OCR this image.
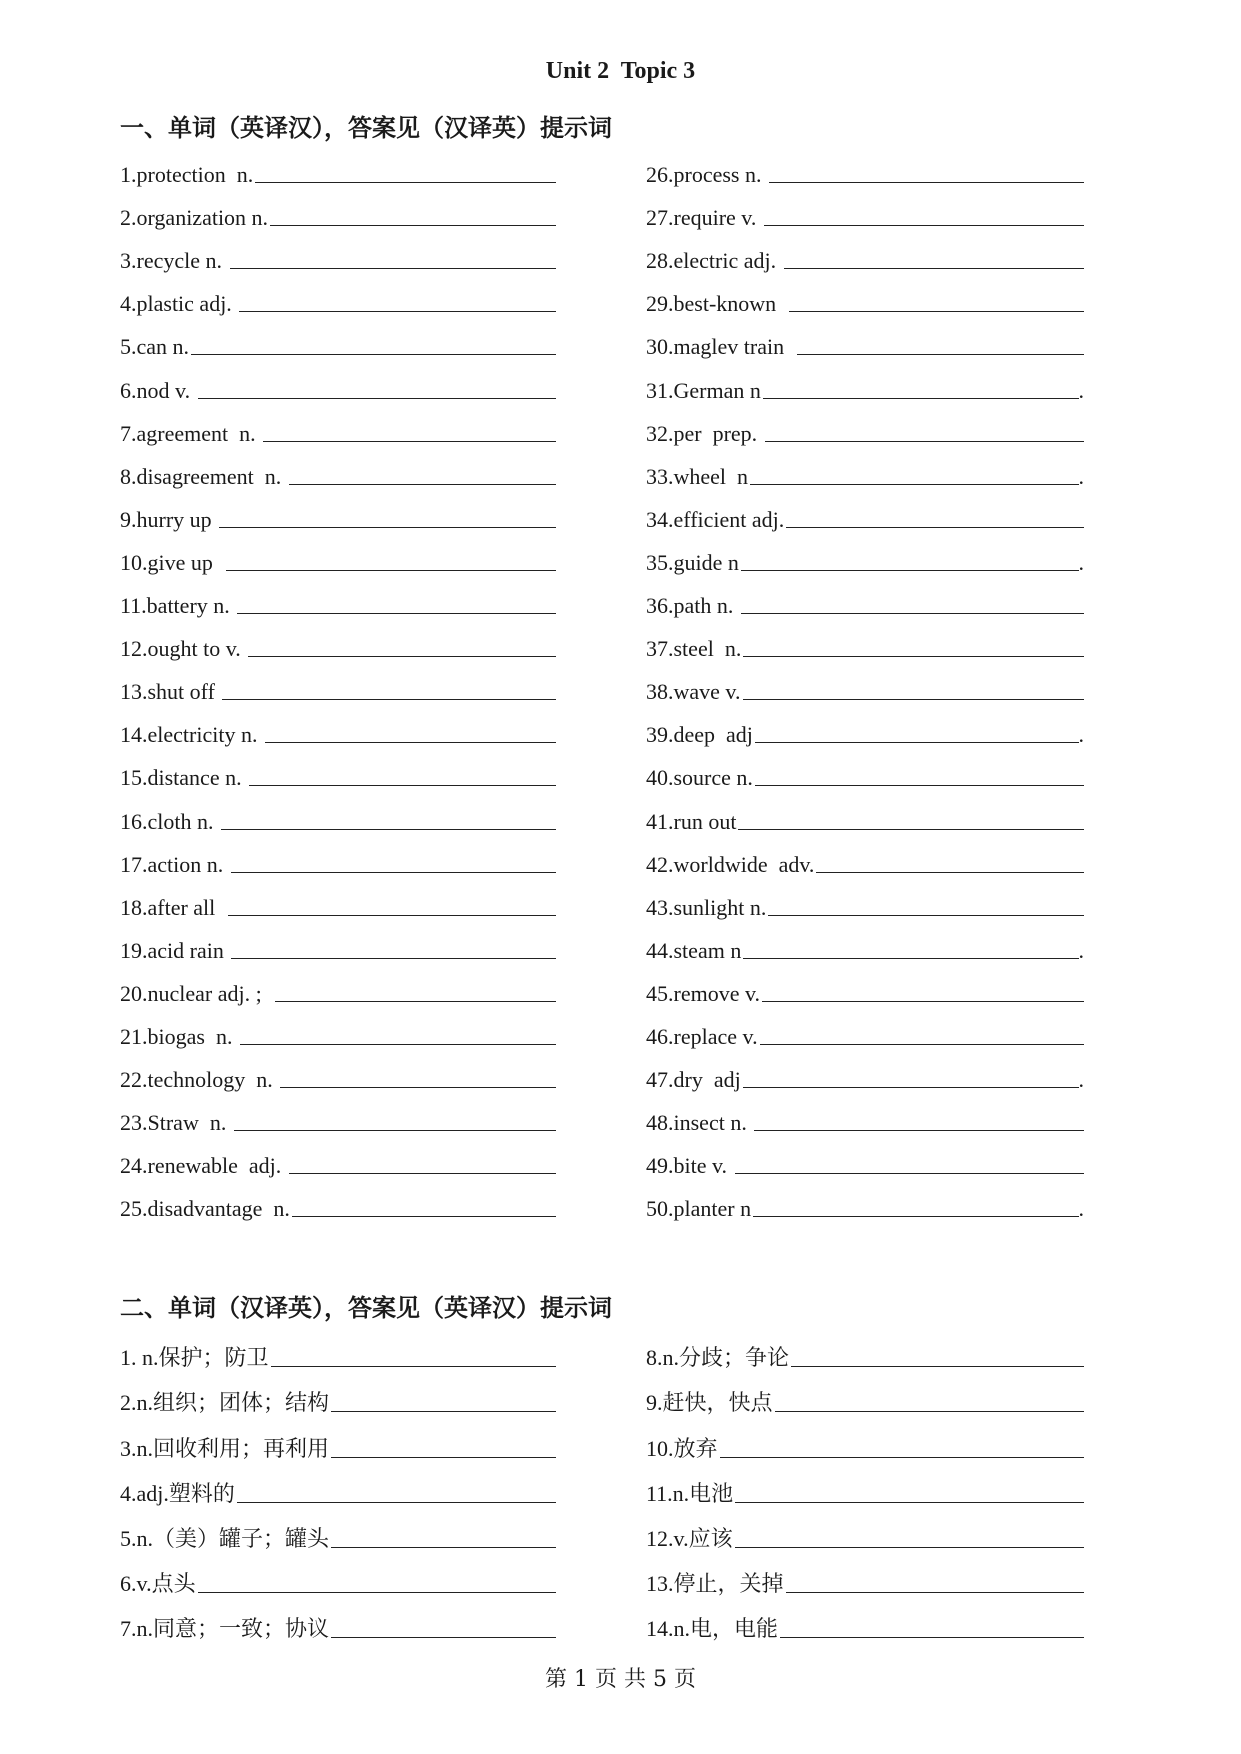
Unit 2  Topic 3
一、单词（英译汉），答案见（汉译英）提示词
1.protection  n.
2.organization n.
3.recycle n.
4.plastic adj.
5.can n.
6.nod v.
7.agreement  n.
8.disagreement  n.
9.hurry up
10.give up
11.battery n.
12.ought to v.
13.shut off
14.electricity n.
15.distance n.
16.cloth n.
17.action n.
18.after all
19.acid rain
20.nuclear adj. ;
21.biogas  n.
22.technology  n.
23.Straw  n.
24.renewable  adj.
25.disadvantage  n.
26.process n.
27.require v.
28.electric adj.
29.best-known
30.maglev train
31.German n	.
32.per  prep.
33.wheel  n	.
34.efficient adj.
35.guide n	.
36.path n.
37.steel  n.
38.wave v.
39.deep  adj	.
40.source n.
41.run out
42.worldwide  adv.
43.sunlight n.
44.steam n	.
45.remove v.
46.replace v.
47.dry  adj	.
48.insect n.
49.bite v.
50.planter n	.
二、单词（汉译英），答案见（英译汉）提示词
1. n.保护；防卫
2.n.组织；团体；结构
3.n.回收利用；再利用
4.adj.塑料的
5.n.（美）罐子；罐头
6.v.点头
7.n.同意；一致；协议
8.n.分歧；争论
9.赶快，快点
10.放弃
11.n.电池
12.v.应该
13.停止，关掉
14.n.电，电能
第 1 页 共 5 页
